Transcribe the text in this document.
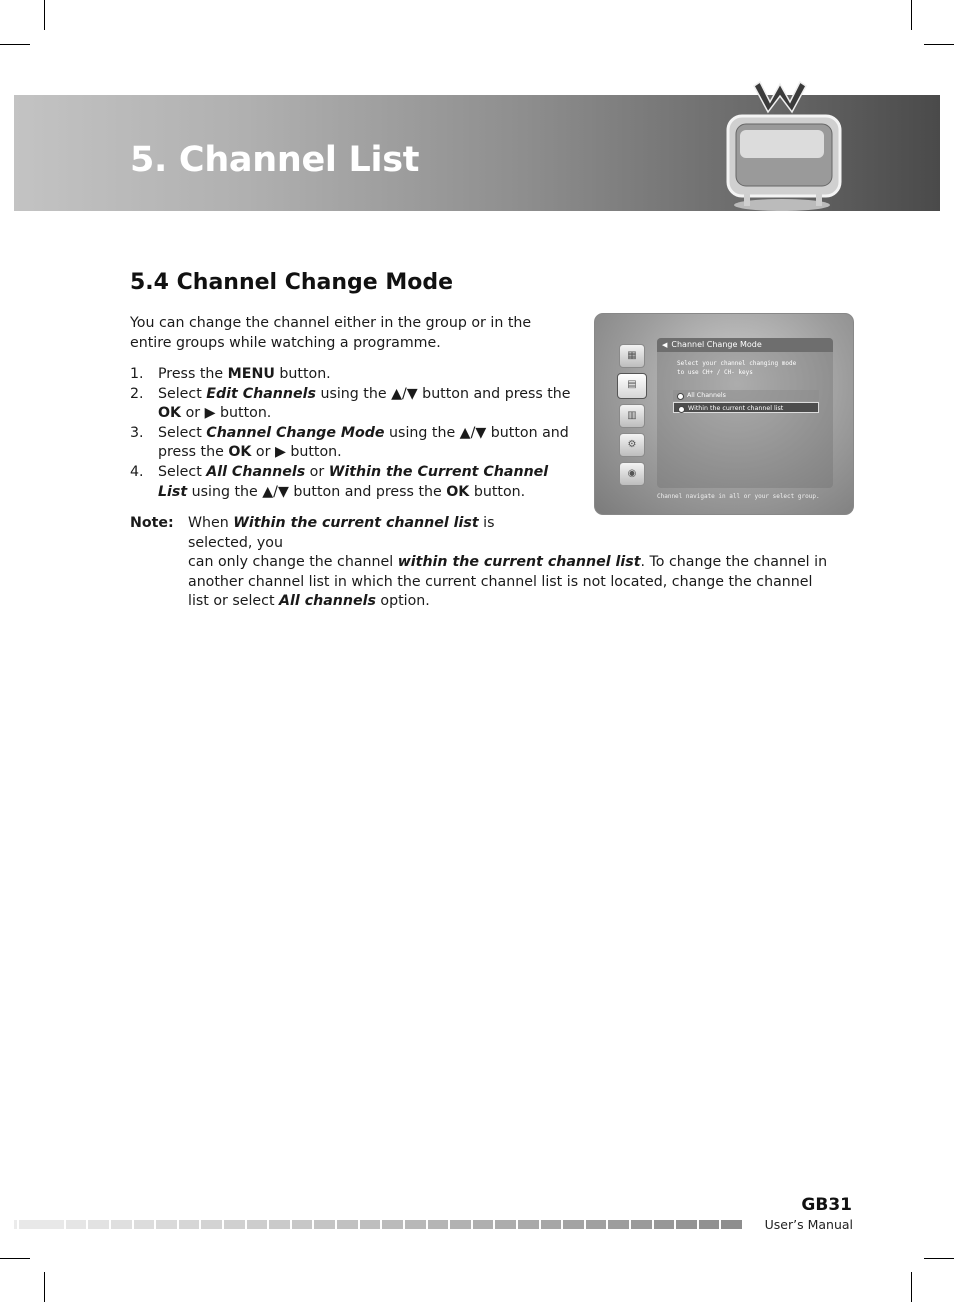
5. Channel List
5.4 Channel Change Mode
You can change the channel either in the group or in the entire groups while watching a programme.
1. Press the MENU button.
2. Select Edit Channels using the ▲/▼ button and press the OK or ▶ button.
3. Select Channel Change Mode using the ▲/▼ button and press the OK or ▶ button.
4. Select All Channels or Within the Current Channel List using the ▲/▼ button and press the OK button.
Note: When Within the current channel list is selected, you
can only change the channel within the current channel list. To change the channel in another channel list in which the current channel list is not located, change the channel list or select All channels option.
▦
▤
▥
⚙
◉
◀ Channel Change Mode
Select your channel changing mode
to use CH+ / CH- keys
All Channels
Within the current channel list
Channel navigate in all or your select group.
GB31
User’s Manual
